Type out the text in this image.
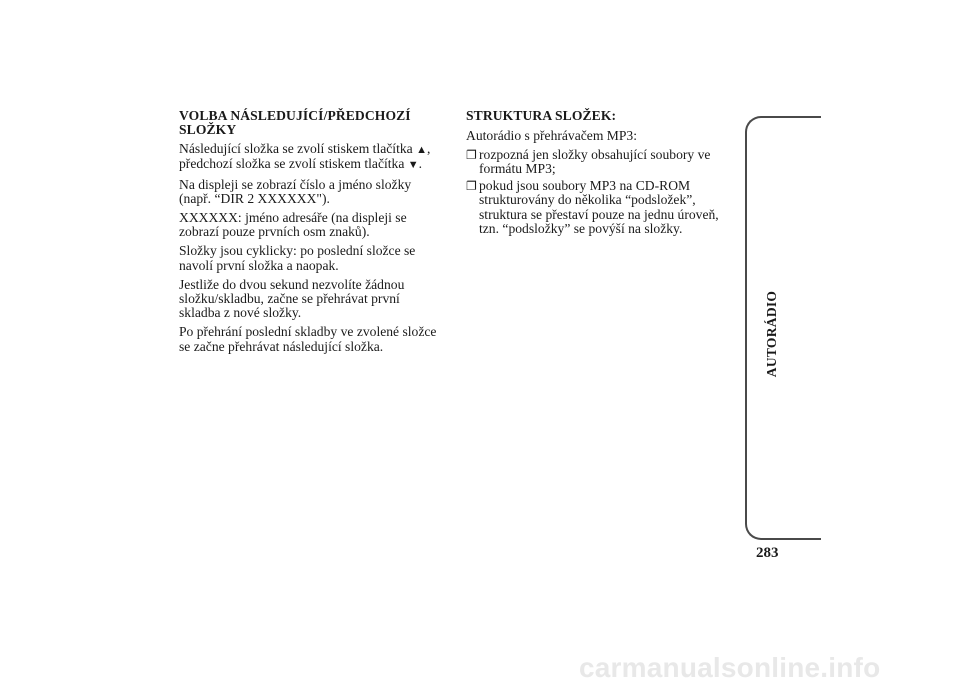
VOLBA NÁSLEDUJÍCÍ/PŘEDCHOZÍ SLOŽKY

Následující složka se zvolí stiskem tlačítka ▲, předchozí složka se zvolí stiskem tlačítka ▼.

Na displeji se zobrazí číslo a jméno složky (např. “DIR 2 XXXXXX").

XXXXXX: jméno adresáře (na displeji se zobrazí pouze prvních osm znaků).

Složky jsou cyklicky: po poslední složce se navolí první složka a naopak.

Jestliže do dvou sekund nezvolíte žádnou složku/skladbu, začne se přehrávat první skladba z nové složky.

Po přehrání poslední skladby ve zvolené složce se začne přehrávat následující složka.

STRUKTURA SLOŽEK:

Autorádio s přehrávačem MP3:

❐
rozpozná jen složky obsahující soubory ve formátu MP3;
❐
pokud jsou soubory MP3 na CD-ROM strukturovány do několika “podsložek”, struktura se přestaví pouze na jednu úroveň, tzn. “podsložky” se povýší na složky.
AUTORÁDIO
283
carmanualsonline.info
